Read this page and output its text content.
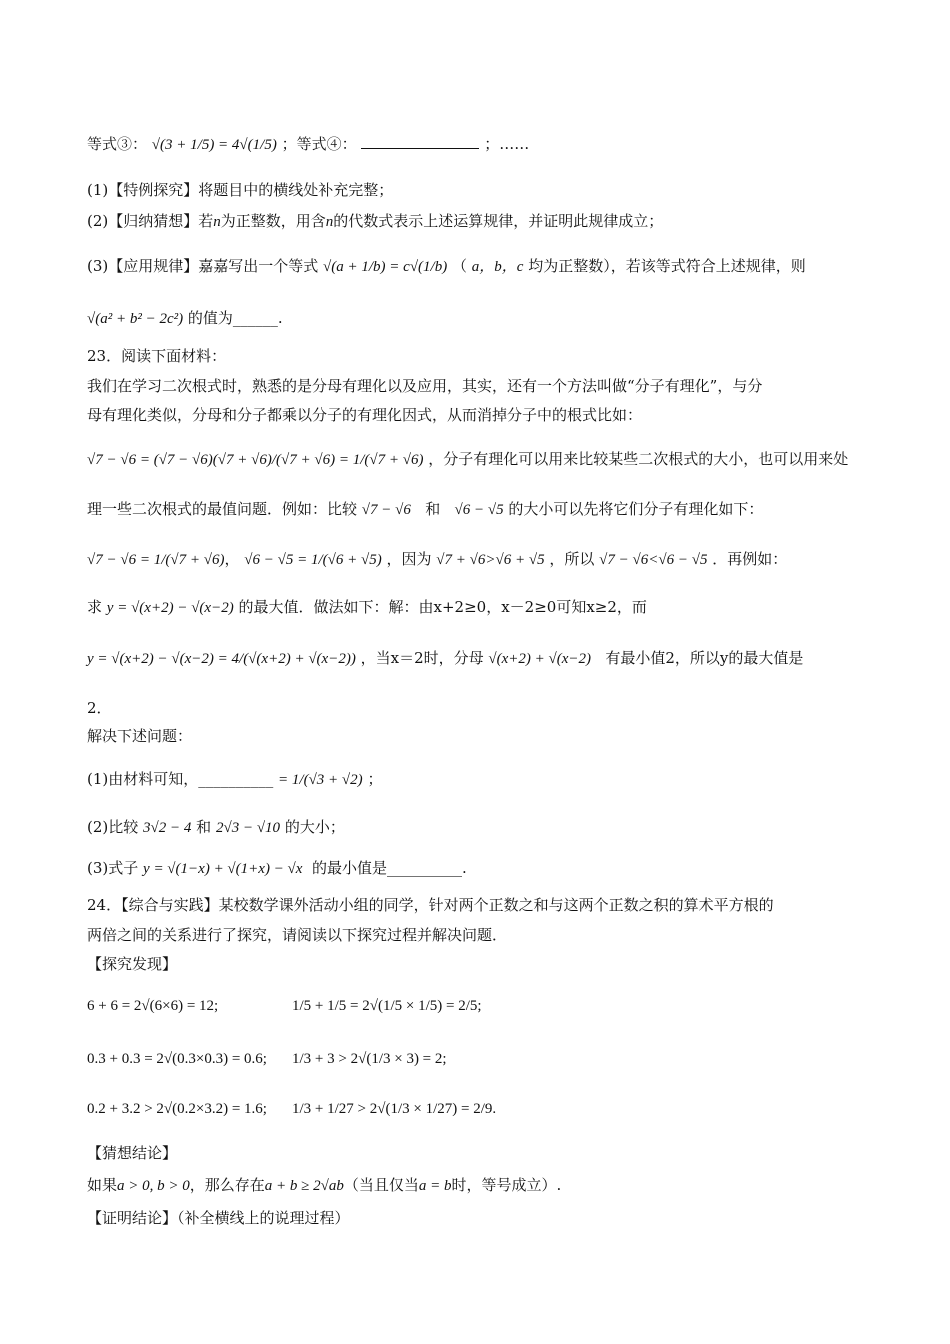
等式③： √(3 + 1/5) = 4√(1/5) ；等式④：	；……
(1)【特例探究】将题目中的横线处补充完整；
(2)【归纳猜想】若n为正整数，用含n的代数式表示上述运算规律，并证明此规律成立；
(3)【应用规律】嘉嘉写出一个等式 √(a + 1/b) = c√(1/b) （ a，b，c 均为正整数），若该等式符合上述规律，则
√(a² + b² − 2c²) 的值为______.
23．阅读下面材料：
我们在学习二次根式时，熟悉的是分母有理化以及应用，其实，还有一个方法叫做“分子有理化”，与分
母有理化类似，分母和分子都乘以分子的有理化因式，从而消掉分子中的根式比如：
√7 − √6 = (√7 − √6)(√7 + √6)/(√7 + √6) = 1/(√7 + √6) ，分子有理化可以用来比较某些二次根式的大小，也可以用来处
理一些二次根式的最值问题．例如：比较 √7 − √6 和 √6 − √5 的大小可以先将它们分子有理化如下：
√7 − √6 = 1/(√7 + √6)， √6 − √5 = 1/(√6 + √5) ，因为 √7 + √6>√6 + √5 ，所以 √7 − √6<√6 − √5 ．再例如：
求 y = √(x+2) − √(x−2) 的最大值．做法如下：解：由x+2≥0，x－2≥0可知x≥2，而
y = √(x+2) − √(x−2) = 4/(√(x+2) + √(x−2)) ，当x＝2时，分母 √(x+2) + √(x−2) 有最小值2，所以y的最大值是
2．
解决下述问题：
(1)由材料可知，__________ = 1/(√3 + √2) ；
(2)比较 3√2 − 4 和 2√3 − √10 的大小；
(3)式子 y = √(1−x) + √(1+x) − √x 的最小值是__________.
24．【综合与实践】某校数学课外活动小组的同学，针对两个正数之和与这两个正数之积的算术平方根的
两倍之间的关系进行了探究，请阅读以下探究过程并解决问题．
【探究发现】
6 + 6 = 2√(6×6) = 12;	1/5 + 1/5 = 2√(1/5 × 1/5) = 2/5;
0.3 + 0.3 = 2√(0.3×0.3) = 0.6; 1/3 + 3 > 2√(1/3 × 3) = 2;
0.2 + 3.2 > 2√(0.2×3.2) = 1.6; 1/3 + 1/27 > 2√(1/3 × 1/27) = 2/9.
【猜想结论】
如果a > 0, b > 0，那么存在a + b ≥ 2√ab（当且仅当a = b时，等号成立）.
【证明结论】（补全横线上的说理过程）
